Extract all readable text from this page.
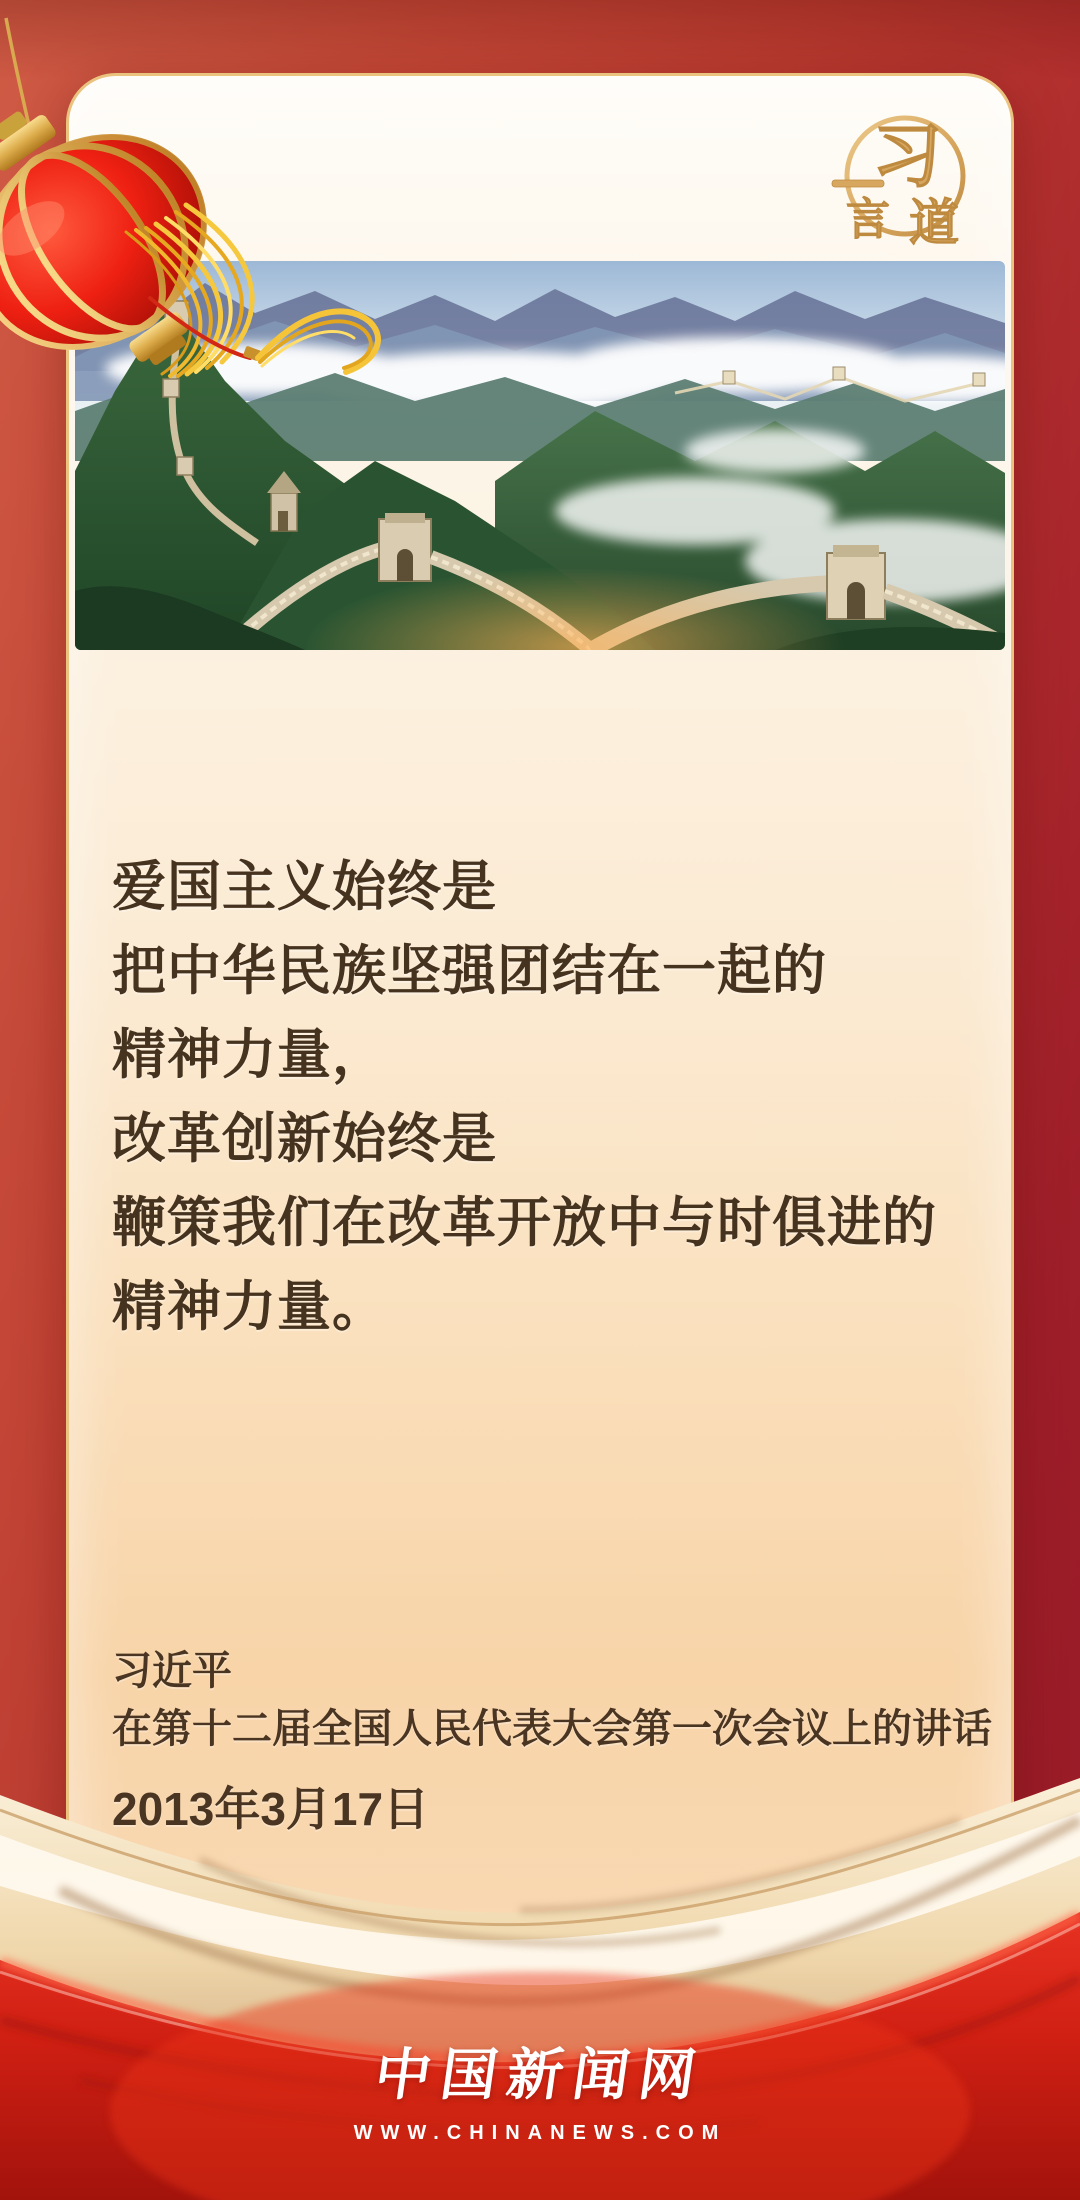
习
言 道
爱国主义始终是
把中华民族坚强团结在一起的
精神力量，
改革创新始终是
鞭策我们在改革开放中与时俱进的
精神力量。
习近平
在第十二届全国人民代表大会第一次会议上的讲话
2013年3月17日
中国新闻网
WWW.CHINANEWS.COM
